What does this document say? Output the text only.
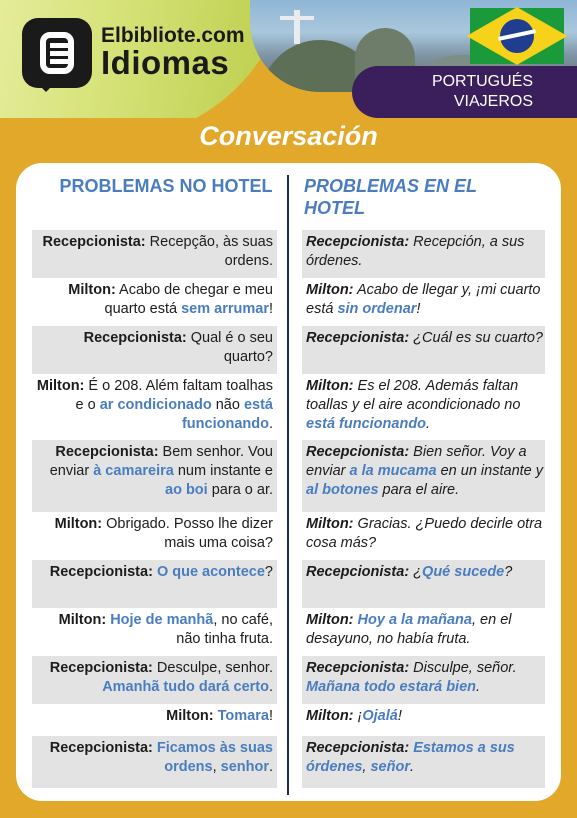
Elbibliote.com
Idiomas
PORTUGUÉS
VIAJEROS
Conversación
PROBLEMAS NO HOTEL	PROBLEMAS EN EL
HOTEL
Recepcionista: Recepção, às suas ordens.
Recepcionista: Recepción, a sus órdenes.
Milton: Acabo de chegar e meu quarto está sem arrumar!
Milton: Acabo de llegar y, ¡mi cuarto está sin ordenar!
Recepcionista: Qual é o seu quarto?
Recepcionista: ¿Cuál es su cuarto?
Milton: É o 208. Além faltam toalhas e o ar condicionado não está funcionando.
Milton: Es el 208. Además faltan toallas y el aire acondicionado no está funcionando.
Recepcionista: Bem senhor. Vou enviar à camareira num instante e ao boi para o ar.
Recepcionista: Bien señor. Voy a enviar a la mucama en un instante y al botones para el aire.
Milton: Obrigado. Posso lhe dizer mais uma coisa?
Milton: Gracias. ¿Puedo decirle otra cosa más?
Recepcionista: O que acontece? Recepcionista: ¿Qué sucede?
Milton: Hoje de manhã, no café, não tinha fruta.
Milton: Hoy a la mañana, en el desayuno, no había fruta.
Recepcionista: Desculpe, senhor. Amanhã tudo dará certo.
Recepcionista: Disculpe, señor. Mañana todo estará bien.
Milton: Tomara! Milton: ¡Ojalá!
Recepcionista: Ficamos às suas ordens, senhor.
Recepcionista: Estamos a sus órdenes, señor.
